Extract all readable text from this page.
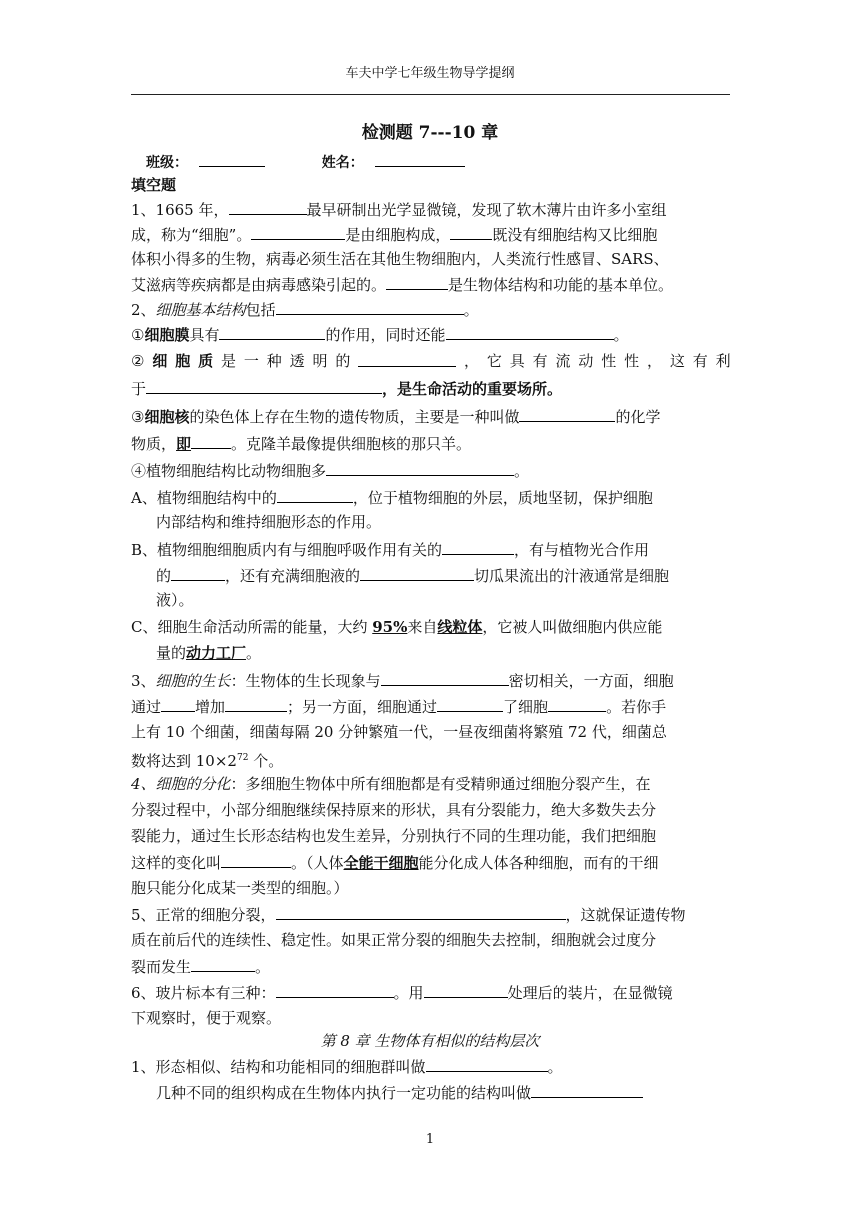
车夫中学七年级生物导学提纲
检测题 7---10 章
班级：	姓名：
填空题
1、1665 年，	最早研制出光学显微镜，发现了软木薄片由许多小室组
成，称为“细胞”。	是由细胞构成，	既没有细胞结构又比细胞
体积小得多的生物，病毒必须生活在其他生物细胞内，人类流行性感冒、SARS、
艾滋病等疾病都是由病毒感染引起的。	是生物体结构和功能的基本单位。
2、细胞基本结构包括	。
①细胞膜具有	的作用，同时还能	。
② 细 胞 质 是 一 种 透 明 的	， 它 具 有 流 动 性 性 ， 这 有 利
于	，是生命活动的重要场所。
③细胞核的染色体上存在生物的遗传物质，主要是一种叫做	的化学
物质，即	。克隆羊最像提供细胞核的那只羊。
④植物细胞结构比动物细胞多	。
A、植物细胞结构中的	，位于植物细胞的外层，质地坚韧，保护细胞
内部结构和维持细胞形态的作用。
B、植物细胞细胞质内有与细胞呼吸作用有关的	，有与植物光合作用
的	，还有充满细胞液的	切瓜果流出的汁液通常是细胞
液）。
C、细胞生命活动所需的能量，大约 95%来自线粒体，它被人叫做细胞内供应能
量的动力工厂。
3、细胞的生长：生物体的生长现象与	密切相关，一方面，细胞
通过 增加	；另一方面，细胞通过	了细胞	。若你手
上有 10 个细菌，细菌每隔 20 分钟繁殖一代，一昼夜细菌将繁殖 72 代，细菌总
数将达到 $10\times 2^{72}$ 个。
4、细胞的分化：多细胞生物体中所有细胞都是有受精卵通过细胞分裂产生，在
分裂过程中，小部分细胞继续保持原来的形状，具有分裂能力，绝大多数失去分
裂能力，通过生长形态结构也发生差异，分别执行不同的生理功能，我们把细胞
这样的变化叫	。（人体全能干细胞能分化成人体各种细胞，而有的干细
胞只能分化成某一类型的细胞。）
5、正常的细胞分裂，	，这就保证遗传物
质在前后代的连续性、稳定性。如果正常分裂的细胞失去控制，细胞就会过度分
裂而发生	。
6、玻片标本有三种：	。用	处理后的装片，在显微镜
下观察时，便于观察。
第 8 章 生物体有相似的结构层次
1、形态相似、结构和功能相同的细胞群叫做	。
几种不同的组织构成在生物体内执行一定功能的结构叫做
1
